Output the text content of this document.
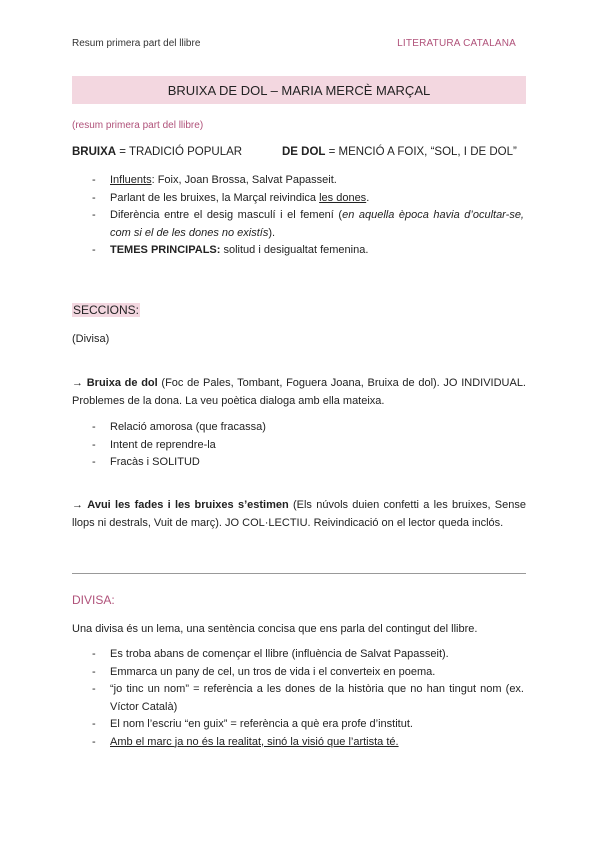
Resum primera part del llibre	LITERATURA CATALANA
BRUIXA DE DOL – MARIA MERCÈ MARÇAL
(resum primera part del llibre)
BRUIXA = TRADICIÓ POPULAR	DE DOL = MENCIÓ A FOIX, “SOL, I DE DOL”
- Influents: Foix, Joan Brossa, Salvat Papasseit.
- Parlant de les bruixes, la Marçal reivindica les dones.
- Diferència entre el desig masculí i el femení (en aquella època havia d’ocultar-se, com si el de les dones no existís).
- TEMES PRINCIPALS: solitud i desigualtat femenina.
SECCIONS:
(Divisa)
→ Bruixa de dol (Foc de Pales, Tombant, Foguera Joana, Bruixa de dol). JO INDIVIDUAL. Problemes de la dona. La veu poètica dialoga amb ella mateixa.
- Relació amorosa (que fracassa)
- Intent de reprendre-la
- Fracàs i SOLITUD
→ Avui les fades i les bruixes s’estimen (Els núvols duien confetti a les bruixes, Sense llops ni destrals, Vuit de març). JO COL·LECTIU. Reivindicació on el lector queda inclós.
DIVISA:
Una divisa és un lema, una sentència concisa que ens parla del contingut del llibre.
- Es troba abans de començar el llibre (influència de Salvat Papasseit).
- Emmarca un pany de cel, un tros de vida i el converteix en poema.
- “jo tinc un nom” = referència a les dones de la història que no han tingut nom (ex. Víctor Català)
- El nom l’escriu “en guix” = referència a què era profe d’institut.
- Amb el marc ja no és la realitat, sinó la visió que l’artista té.
